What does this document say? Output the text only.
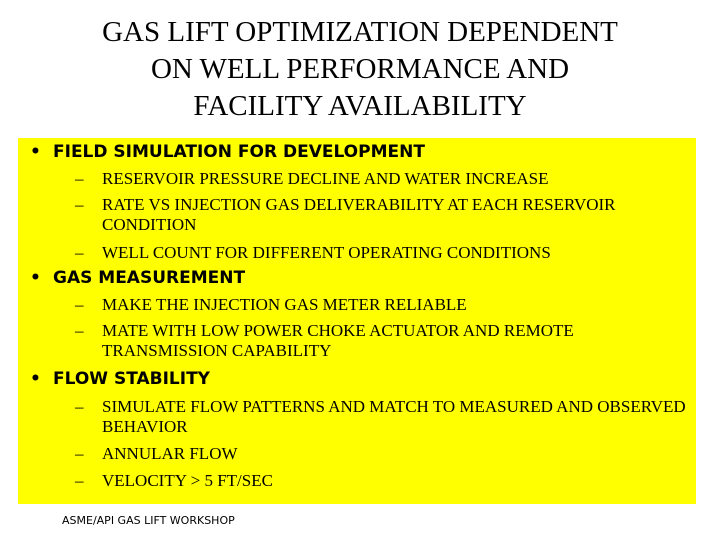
GAS LIFT OPTIMIZATION DEPENDENT
ON WELL PERFORMANCE AND
FACILITY AVAILABILITY
• FIELD SIMULATION FOR DEVELOPMENT
–	RESERVOIR PRESSURE DECLINE AND WATER INCREASE
–	RATE VS INJECTION GAS DELIVERABILITY AT EACH RESERVOIR CONDITION
–	WELL COUNT FOR DIFFERENT OPERATING CONDITIONS
• GAS MEASUREMENT
–	MAKE THE INJECTION GAS METER RELIABLE
–	MATE WITH LOW POWER CHOKE ACTUATOR AND REMOTE TRANSMISSION CAPABILITY
• FLOW STABILITY
–	SIMULATE FLOW PATTERNS AND MATCH TO MEASURED AND OBSERVED BEHAVIOR
–	ANNULAR FLOW
–	VELOCITY > 5 FT/SEC
ASME/API GAS LIFT WORKSHOP
